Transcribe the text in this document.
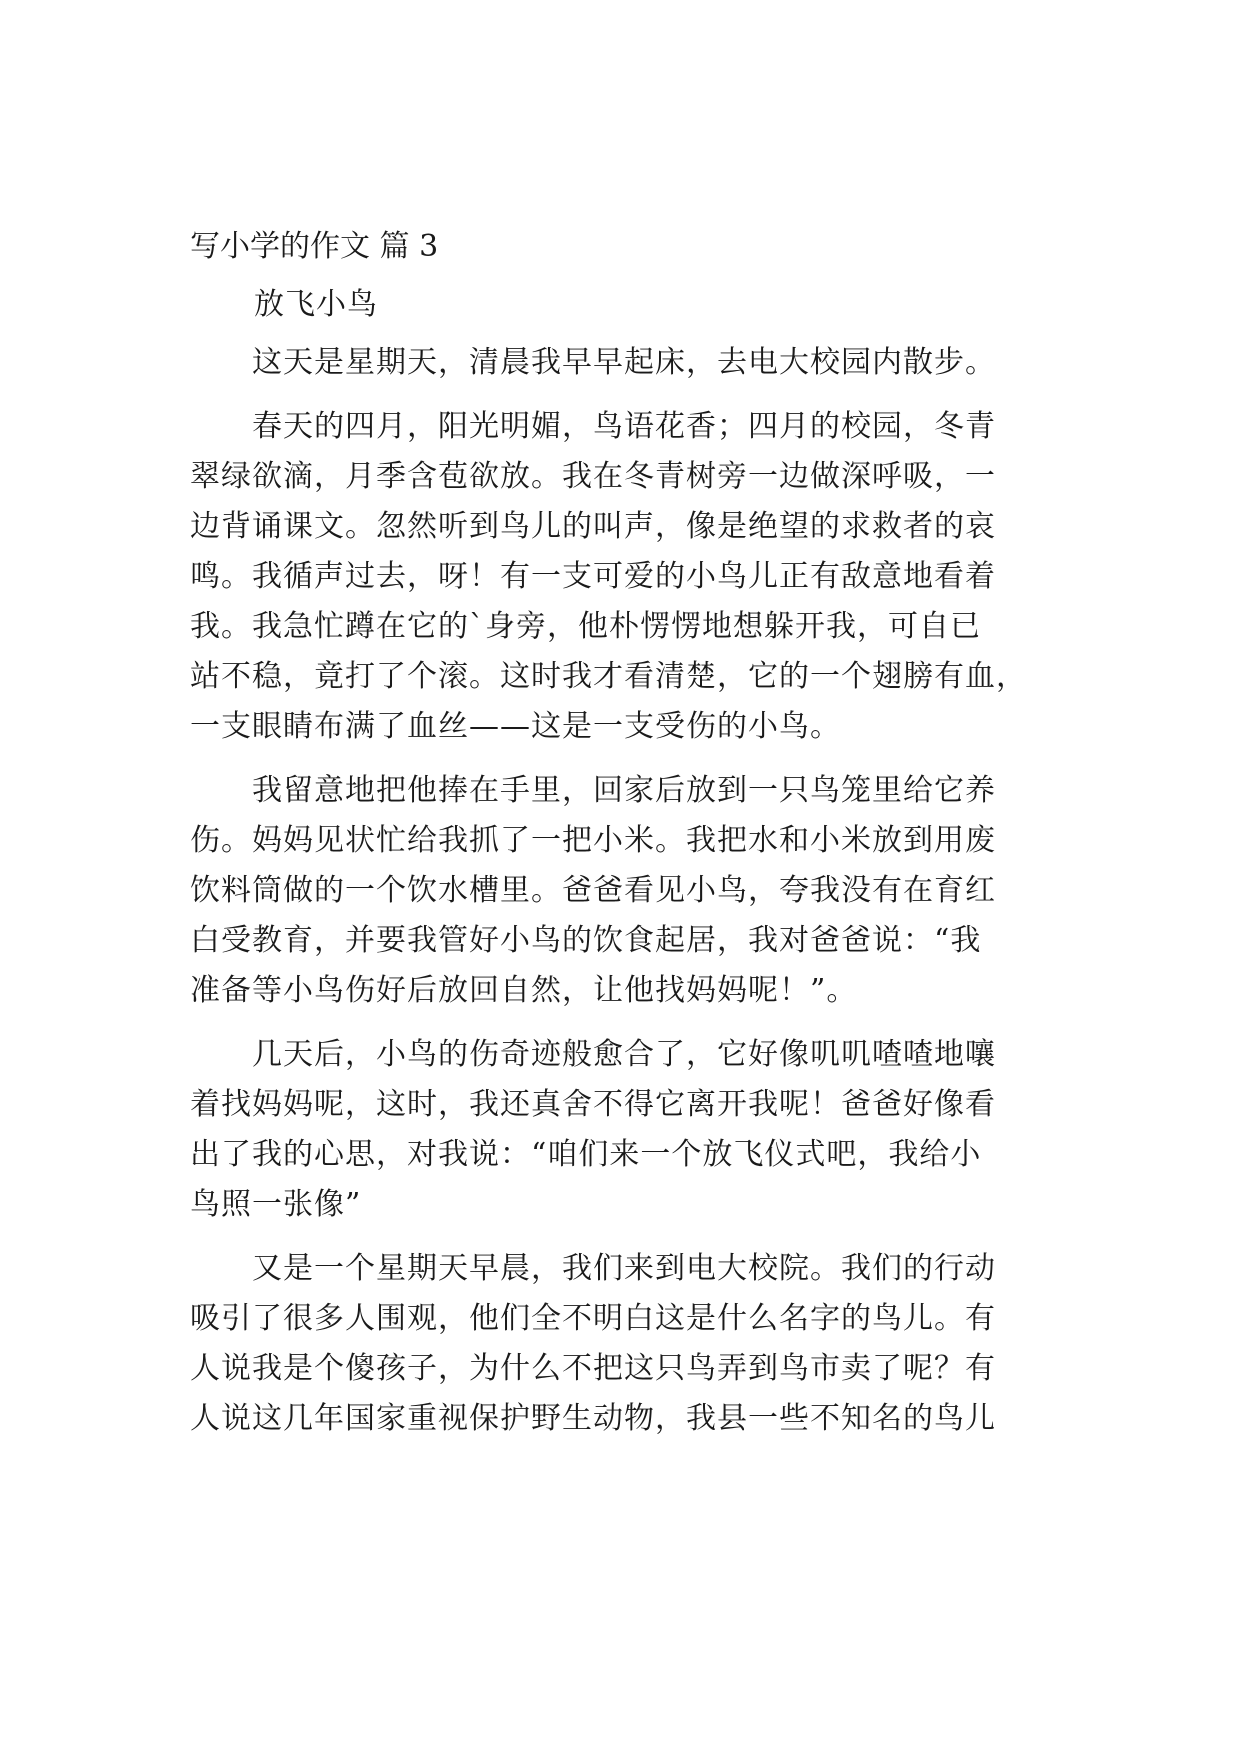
写小学的作文 篇 3
放飞小鸟
这天是星期天，清晨我早早起床，去电大校园内散步。
春天的四月，阳光明媚，鸟语花香；四月的校园，冬青
翠绿欲滴，月季含苞欲放。我在冬青树旁一边做深呼吸，一
边背诵课文。忽然听到鸟儿的叫声，像是绝望的求救者的哀
鸣。我循声过去，呀！有一支可爱的小鸟儿正有敌意地看着
我。我急忙蹲在它的`身旁，他朴愣愣地想躲开我，可自已
站不稳，竟打了个滚。这时我才看清楚，它的一个翅膀有血，
一支眼睛布满了血丝——这是一支受伤的小鸟。
我留意地把他捧在手里，回家后放到一只鸟笼里给它养
伤。妈妈见状忙给我抓了一把小米。我把水和小米放到用废
饮料筒做的一个饮水槽里。爸爸看见小鸟，夸我没有在育红
白受教育，并要我管好小鸟的饮食起居，我对爸爸说：“我
准备等小鸟伤好后放回自然，让他找妈妈呢！”。
几天后，小鸟的伤奇迹般愈合了，它好像叽叽喳喳地嚷
着找妈妈呢，这时，我还真舍不得它离开我呢！爸爸好像看
出了我的心思，对我说：“咱们来一个放飞仪式吧，我给小
鸟照一张像”
又是一个星期天早晨，我们来到电大校院。我们的行动
吸引了很多人围观，他们全不明白这是什么名字的鸟儿。有
人说我是个傻孩子，为什么不把这只鸟弄到鸟市卖了呢？有
人说这几年国家重视保护野生动物，我县一些不知名的鸟儿
